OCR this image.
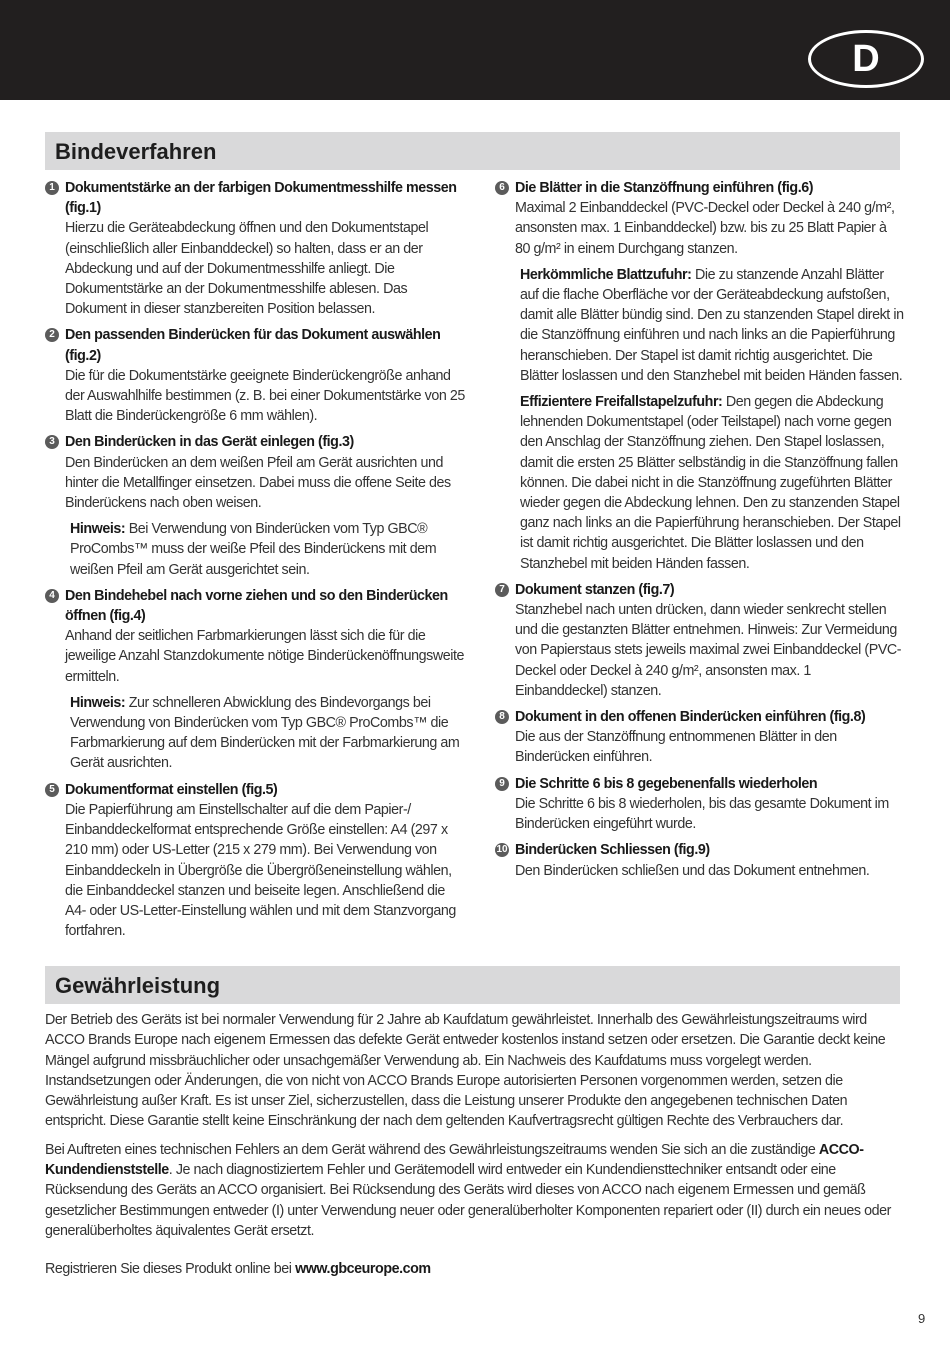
D
Bindeverfahren
1 Dokumentstärke an der farbigen Dokumentmesshilfe messen (fig.1)
Hierzu die Geräteabdeckung öffnen und den Dokumentstapel (einschließlich aller Einbanddeckel) so halten, dass er an der Abdeckung und auf der Dokumentmesshilfe anliegt. Die Dokumentstärke an der Dokumentmesshilfe ablesen. Das Dokument in dieser stanzbereiten Position belassen.
2 Den passenden Binderücken für das Dokument auswählen (fig.2)
Die für die Dokumentstärke geeignete Binderückengröße anhand der Auswahlhilfe bestimmen (z. B. bei einer Dokumentstärke von 25 Blatt die Binderückengröße 6 mm wählen).
3 Den Binderücken in das Gerät einlegen (fig.3)
Den Binderücken an dem weißen Pfeil am Gerät ausrichten und hinter die Metallfinger einsetzen. Dabei muss die offene Seite des Binderückens nach oben weisen.
Hinweis: Bei Verwendung von Binderücken vom Typ GBC® ProCombs™ muss der weiße Pfeil des Binderückens mit dem weißen Pfeil am Gerät ausgerichtet sein.
4 Den Bindehebel nach vorne ziehen und so den Binderücken öffnen (fig.4)
Anhand der seitlichen Farbmarkierungen lässt sich die für die jeweilige Anzahl Stanzdokumente nötige Binderückenöffnungsweite ermitteln.
Hinweis: Zur schnelleren Abwicklung des Bindevorgangs bei Verwendung von Binderücken vom Typ GBC® ProCombs™ die Farbmarkierung auf dem Binderücken mit der Farbmarkierung am Gerät ausrichten.
5 Dokumentformat einstellen (fig.5)
Die Papierführung am Einstellschalter auf die dem Papier-/ Einbanddeckelformat entsprechende Größe einstellen: A4 (297 x 210 mm) oder US-Letter (215 x 279 mm). Bei Verwendung von Einbanddeckeln in Übergröße die Übergrößeneinstellung wählen, die Einbanddeckel stanzen und beiseite legen. Anschließend die A4- oder US-Letter-Einstellung wählen und mit dem Stanzvorgang fortfahren.
6 Die Blätter in die Stanzöffnung einführen (fig.6)
Maximal 2 Einbanddeckel (PVC-Deckel oder Deckel à 240 g/m², ansonsten max. 1 Einbanddeckel) bzw. bis zu 25 Blatt Papier à 80 g/m² in einem Durchgang stanzen.
Herkömmliche Blattzufuhr: Die zu stanzende Anzahl Blätter auf die flache Oberfläche vor der Geräteabdeckung aufstoßen, damit alle Blätter bündig sind. Den zu stanzenden Stapel direkt in die Stanzöffnung einführen und nach links an die Papierführung heranschieben. Der Stapel ist damit richtig ausgerichtet. Die Blätter loslassen und den Stanzhebel mit beiden Händen fassen.
Effizientere Freifallstapelzufuhr: Den gegen die Abdeckung lehnenden Dokumentstapel (oder Teilstapel) nach vorne gegen den Anschlag der Stanzöffnung ziehen. Den Stapel loslassen, damit die ersten 25 Blätter selbständig in die Stanzöffnung fallen können. Die dabei nicht in die Stanzöffnung zugeführten Blätter wieder gegen die Abdeckung lehnen. Den zu stanzenden Stapel ganz nach links an die Papierführung heranschieben. Der Stapel ist damit richtig ausgerichtet. Die Blätter loslassen und den Stanzhebel mit beiden Händen fassen.
7 Dokument stanzen (fig.7)
Stanzhebel nach unten drücken, dann wieder senkrecht stellen und die gestanzten Blätter entnehmen. Hinweis: Zur Vermeidung von Papierstaus stets jeweils maximal zwei Einbanddeckel (PVC-Deckel oder Deckel à 240 g/m², ansonsten max. 1 Einbanddeckel) stanzen.
8 Dokument in den offenen Binderücken einführen (fig.8)
Die aus der Stanzöffnung entnommenen Blätter in den Binderücken einführen.
9 Die Schritte 6 bis 8 gegebenenfalls wiederholen
Die Schritte 6 bis 8 wiederholen, bis das gesamte Dokument im Binderücken eingeführt wurde.
10 Binderücken Schliessen (fig.9)
Den Binderücken schließen und das Dokument entnehmen.
Gewährleistung

Der Betrieb des Geräts ist bei normaler Verwendung für 2 Jahre ab Kaufdatum gewährleistet. Innerhalb des Gewährleistungszeitraums wird ACCO Brands Europe nach eigenem Ermessen das defekte Gerät entweder kostenlos instand setzen oder ersetzen. Die Garantie deckt keine Mängel aufgrund missbräuchlicher oder unsachgemäßer Verwendung ab. Ein Nachweis des Kaufdatums muss vorgelegt werden. Instandsetzungen oder Änderungen, die von nicht von ACCO Brands Europe autorisierten Personen vorgenommen werden, setzen die Gewährleistung außer Kraft. Es ist unser Ziel, sicherzustellen, dass die Leistung unserer Produkte den angegebenen technischen Daten entspricht. Diese Garantie stellt keine Einschränkung der nach dem geltenden Kaufvertragsrecht gültigen Rechte des Verbrauchers dar.

Bei Auftreten eines technischen Fehlers an dem Gerät während des Gewährleistungszeitraums wenden Sie sich an die zuständige ACCO-Kundendienststelle. Je nach diagnostiziertem Fehler und Gerätemodell wird entweder ein Kundendiensttechniker entsandt oder eine Rücksendung des Geräts an ACCO organisiert. Bei Rücksendung des Geräts wird dieses von ACCO nach eigenem Ermessen und gemäß gesetzlicher Bestimmungen entweder (I) unter Verwendung neuer oder generalüberholter Komponenten repariert oder (II) durch ein neues oder generalüberholtes äquivalentes Gerät ersetzt.

Registrieren Sie dieses Produkt online bei www.gbceurope.com

9
